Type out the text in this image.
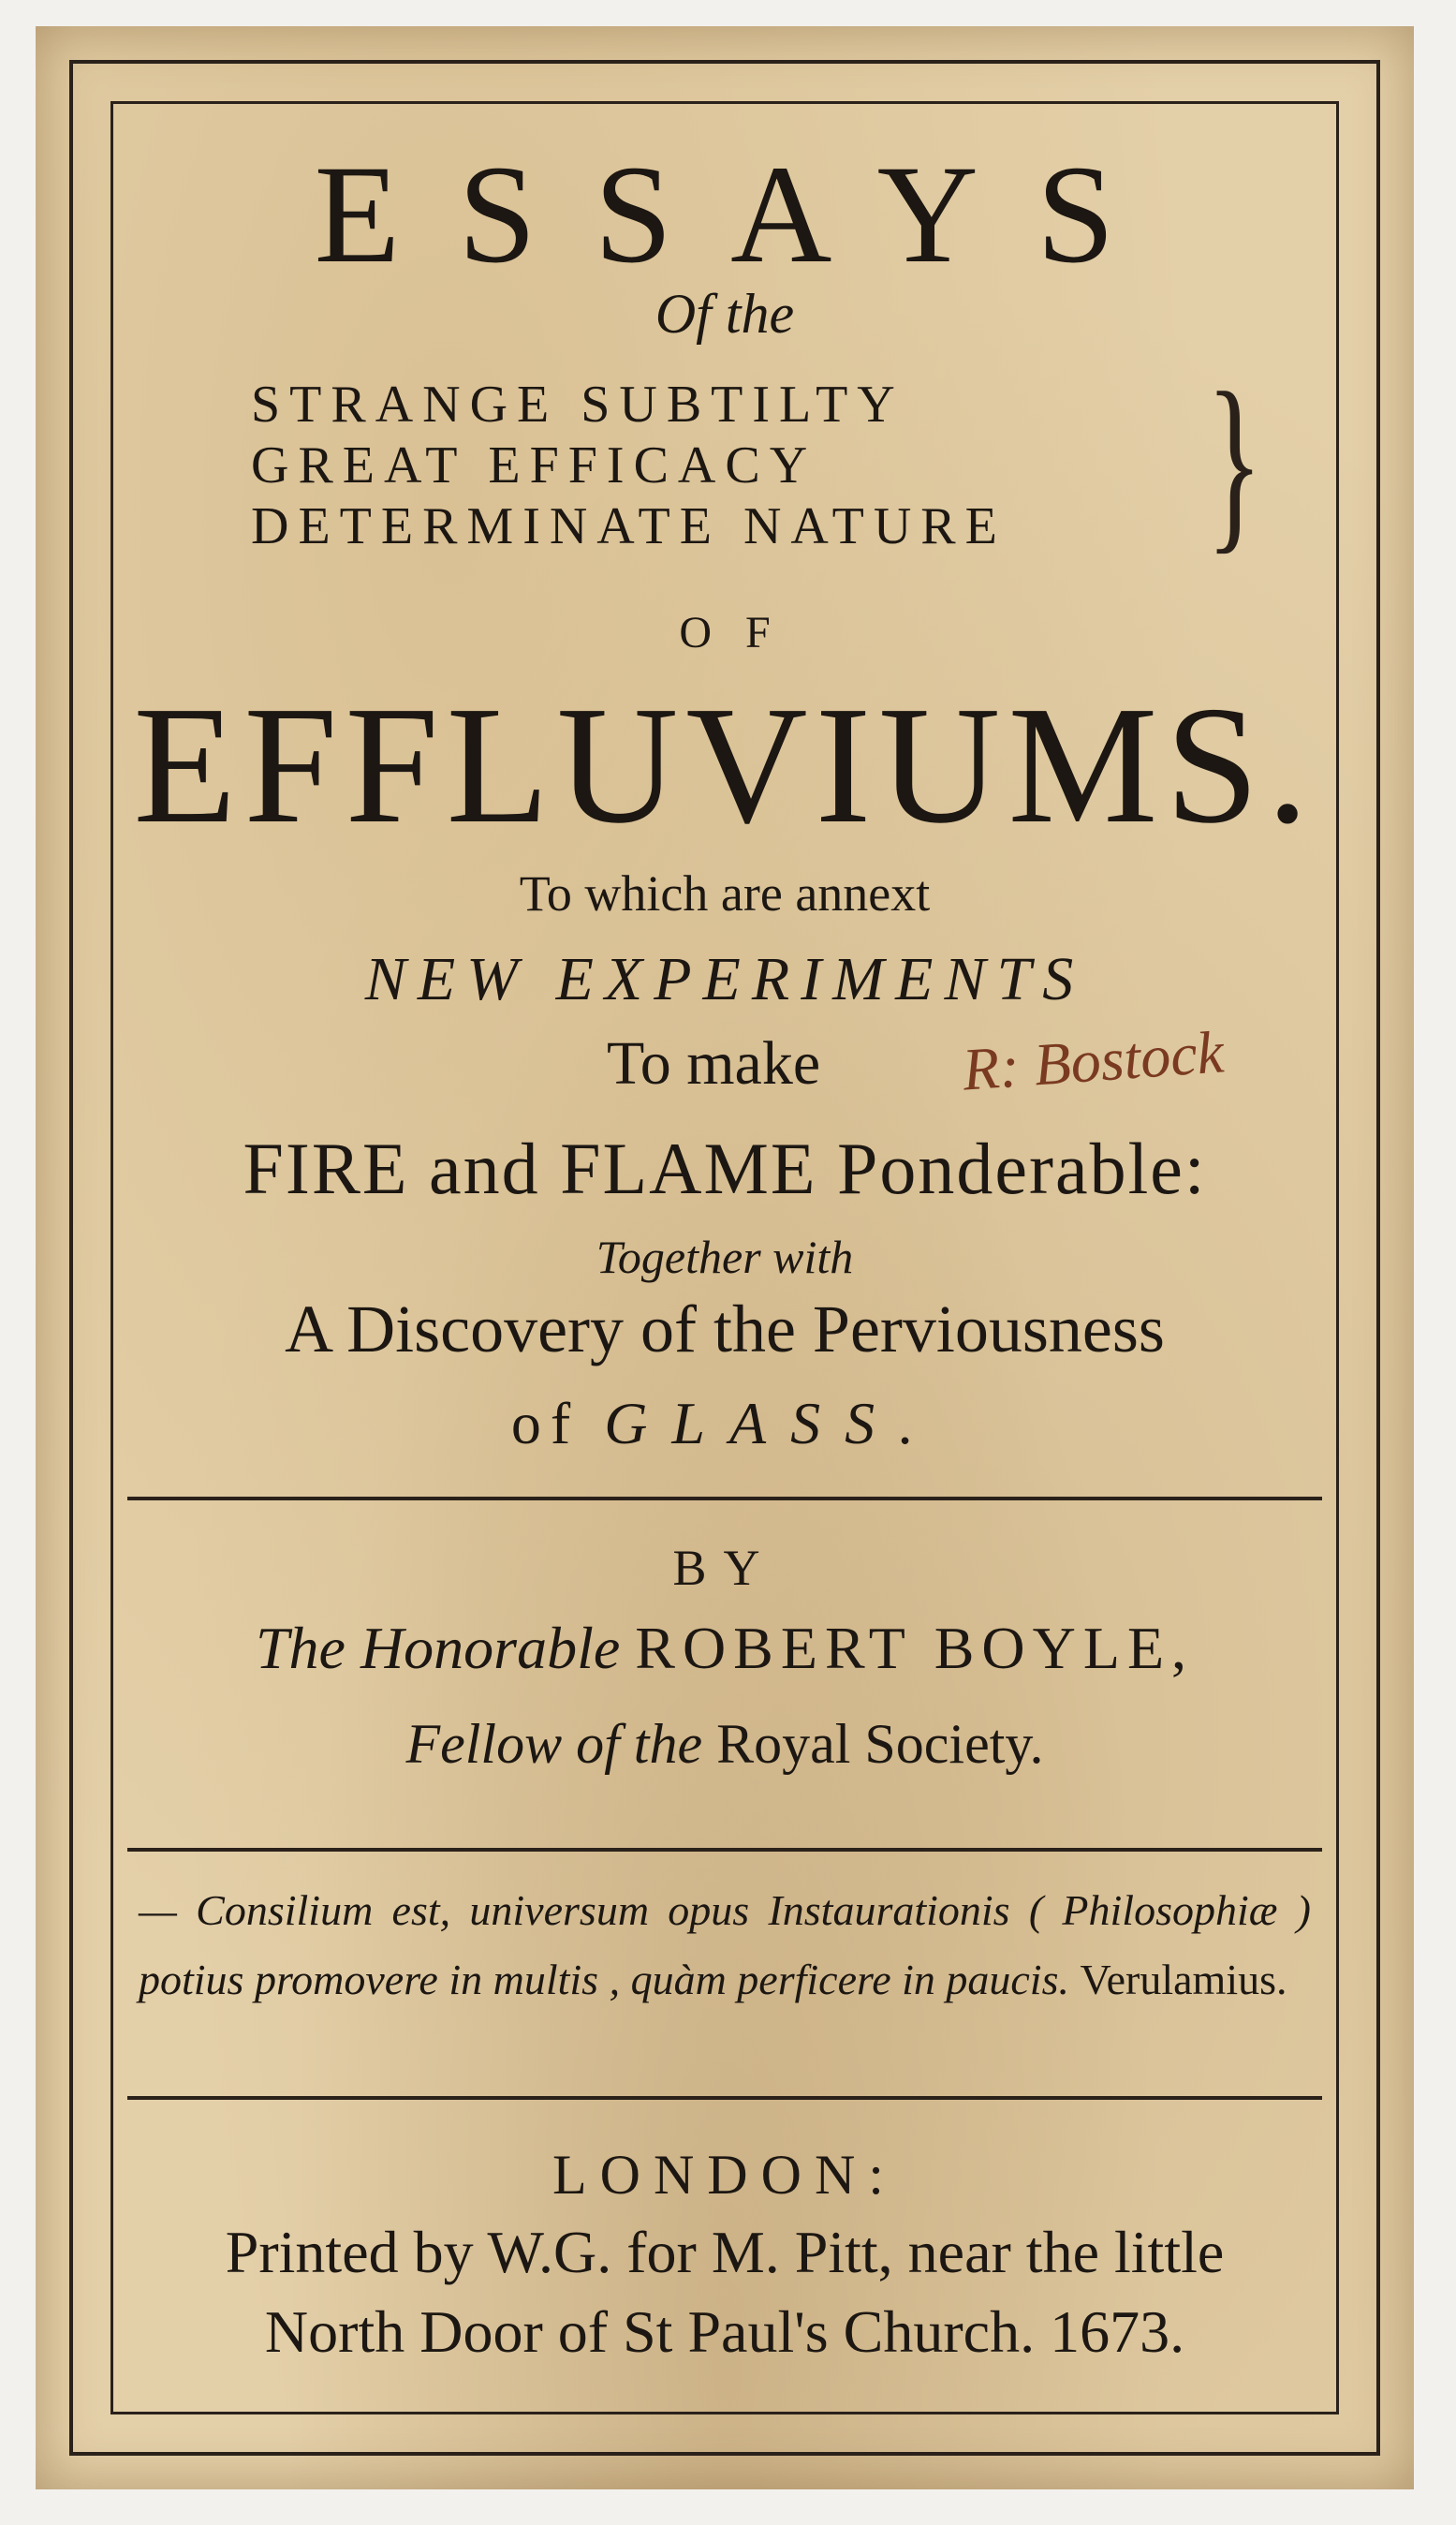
ESSAYS
Of the
STRANGE SUBTILTY
GREAT EFFICACY
DETERMINATE NATURE }
OF
EFFLUVIUMS.
To which are annext
NEW EXPERIMENTS
To make R: Bostock
FIRE and FLAME Ponderable:
Together with
A Discovery of the Perviousness
of GLASS.
BY
The Honorable ROBERT BOYLE,
Fellow of the Royal Society.
— Consilium est, universum opus Instaurationis ( Philosophiæ ) potius promovere in multis , quàm perficere in paucis. Verulamius.
LONDON:
Printed by W.G. for M. Pitt, near the little
North Door of St Paul's Church. 1673.
